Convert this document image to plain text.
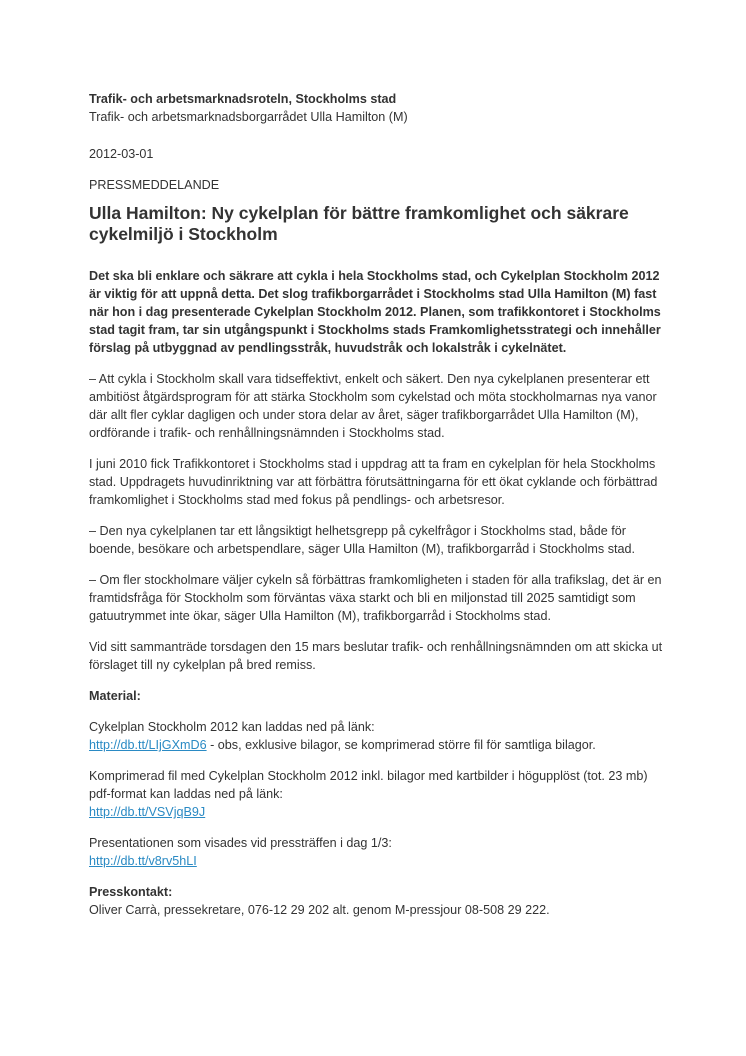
Trafik- och arbetsmarknadsroteln, Stockholms stad

Trafik- och arbetsmarknadsborgarrådet Ulla Hamilton (M)

2012-03-01

PRESSMEDDELANDE

Ulla Hamilton: Ny cykelplan för bättre framkomlighet och säkrare cykelmiljö i Stockholm

Det ska bli enklare och säkrare att cykla i hela Stockholms stad, och Cykelplan Stockholm 2012 är viktig för att uppnå detta. Det slog trafikborgarrådet i Stockholms stad Ulla Hamilton (M) fast när hon i dag presenterade Cykelplan Stockholm 2012. Planen, som trafikkontoret i Stockholms stad tagit fram, tar sin utgångspunkt i Stockholms stads Framkomlighetsstrategi och innehåller förslag på utbyggnad av pendlingsstråk, huvudstråk och lokalstråk i cykelnätet.

– Att cykla i Stockholm skall vara tidseffektivt, enkelt och säkert. Den nya cykelplanen presenterar ett ambitiöst åtgärdsprogram för att stärka Stockholm som cykelstad och möta stockholmarnas nya vanor där allt fler cyklar dagligen och under stora delar av året, säger trafikborgarrådet Ulla Hamilton (M), ordförande i trafik- och renhållningsnämnden i Stockholms stad.

I juni 2010 fick Trafikkontoret i Stockholms stad i uppdrag att ta fram en cykelplan för hela Stockholms stad. Uppdragets huvudinriktning var att förbättra förutsättningarna för ett ökat cyklande och förbättrad framkomlighet i Stockholms stad med fokus på pendlings- och arbetsresor.

– Den nya cykelplanen tar ett långsiktigt helhetsgrepp på cykelfrågor i Stockholms stad, både för boende, besökare och arbetspendlare, säger Ulla Hamilton (M), trafikborgarråd i Stockholms stad.

– Om fler stockholmare väljer cykeln så förbättras framkomligheten i staden för alla trafikslag, det är en framtidsfråga för Stockholm som förväntas växa starkt och bli en miljonstad till 2025 samtidigt som gatuutrymmet inte ökar, säger Ulla Hamilton (M), trafikborgarråd i Stockholms stad.

Vid sitt sammanträde torsdagen den 15 mars beslutar trafik- och renhållningsnämnden om att skicka ut förslaget till ny cykelplan på bred remiss.

Material:

Cykelplan Stockholm 2012 kan laddas ned på länk:

http://db.tt/LIjGXmD6 - obs, exklusive bilagor, se komprimerad större fil för samtliga bilagor.

Komprimerad fil med Cykelplan Stockholm 2012 inkl. bilagor med kartbilder i högupplöst (tot. 23 mb) pdf-format kan laddas ned på länk:

http://db.tt/VSVjqB9J

Presentationen som visades vid pressträffen i dag 1/3:

http://db.tt/v8rv5hLI

Presskontakt:

Oliver Carrà, pressekretare, 076-12 29 202 alt. genom M-pressjour 08-508 29 222.
